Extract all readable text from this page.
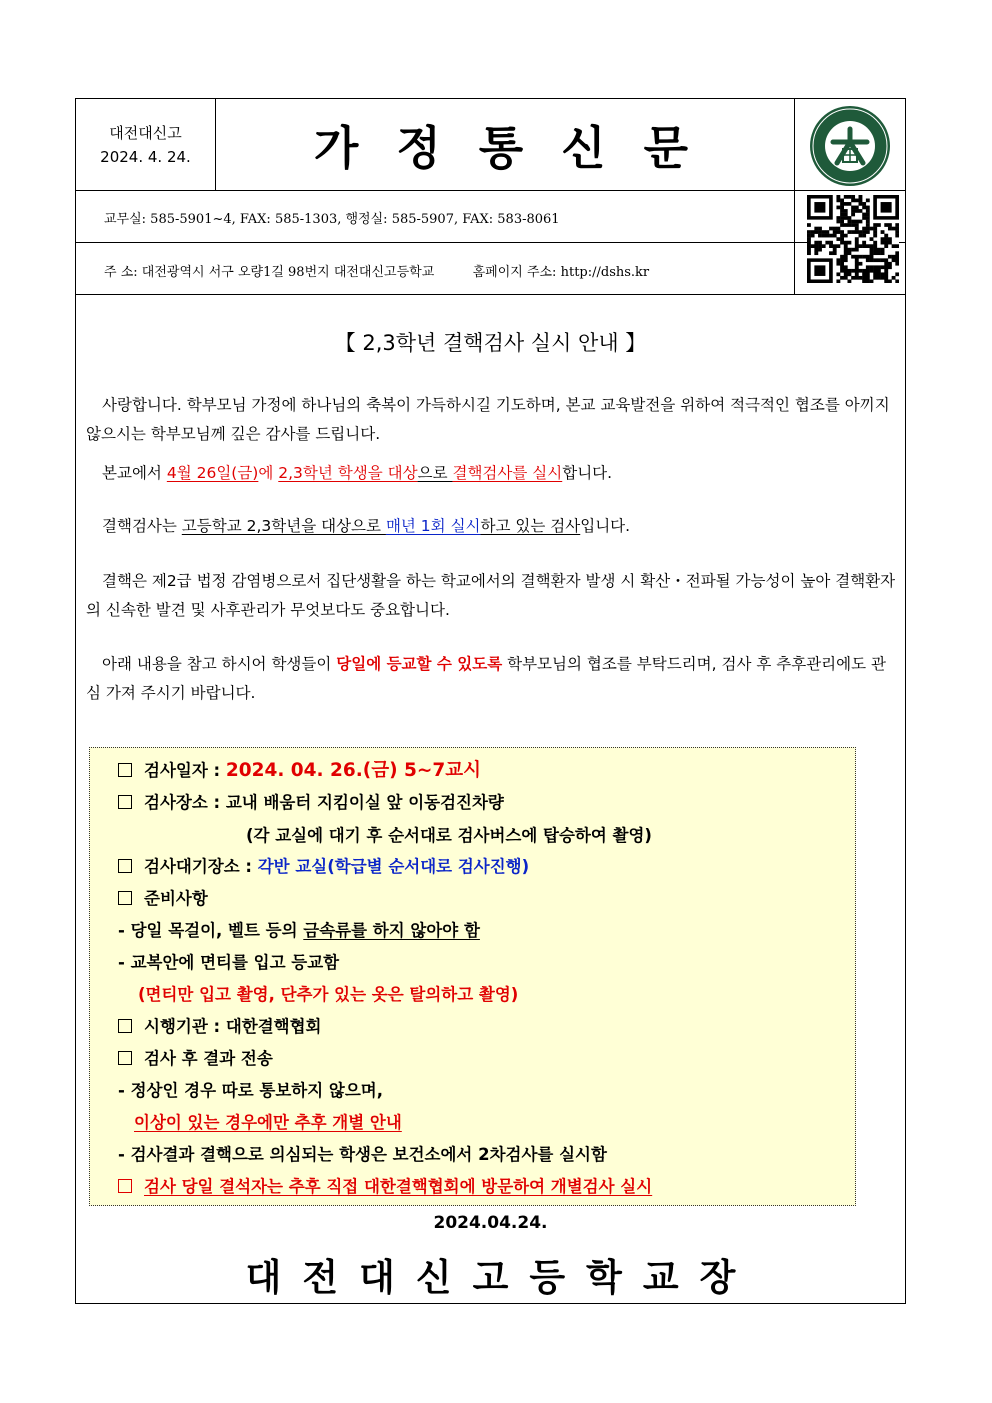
대전대신고
2024. 4. 24.	가정통신문
교무실: 585-5901~4, FAX: 585-1303, 행정실: 585-5907, FAX: 583-8061
주 소: 대전광역시 서구 오량1길 98번지 대전대신고등학교	홈페이지 주소: http://dshs.kr
【 2,3학년 결핵검사 실시 안내 】
사랑합니다. 학부모님 가정에 하나님의 축복이 가득하시길 기도하며, 본교 교육발전을 위하여 적극적인 협조를 아끼지 않으시는 학부모님께 깊은 감사를 드립니다.
본교에서 4월 26일(금)에 2,3학년 학생을 대상으로 결핵검사를 실시합니다.
결핵검사는 고등학교 2,3학년을 대상으로 매년 1회 실시하고 있는 검사입니다.
결핵은 제2급 법정 감염병으로서 집단생활을 하는 학교에서의 결핵환자 발생 시 확산・전파될 가능성이 높아 결핵환자의 신속한 발견 및 사후관리가 무엇보다도 중요합니다.
아래 내용을 참고 하시어 학생들이 당일에 등교할 수 있도록 학부모님의 협조를 부탁드리며, 검사 후 추후관리에도 관심 가져 주시기 바랍니다.
검사일자 : 2024. 04. 26.(금) 5~7교시
검사장소 : 교내 배움터 지킴이실 앞 이동검진차량
(각 교실에 대기 후 순서대로 검사버스에 탑승하여 촬영)
검사대기장소 : 각반 교실(학급별 순서대로 검사진행)
준비사항
- 당일 목걸이, 벨트 등의 금속류를 하지 않아야 함
- 교복안에 면티를 입고 등교함
(면티만 입고 촬영, 단추가 있는 옷은 탈의하고 촬영)
시행기관 : 대한결핵협회
검사 후 결과 전송
- 정상인 경우 따로 통보하지 않으며,
이상이 있는 경우에만 추후 개별 안내
- 검사결과 결핵으로 의심되는 학생은 보건소에서 2차검사를 실시함
검사 당일 결석자는 추후 직접 대한결핵협회에 방문하여 개별검사 실시
2024.04.24.
대전대신고등학교장
